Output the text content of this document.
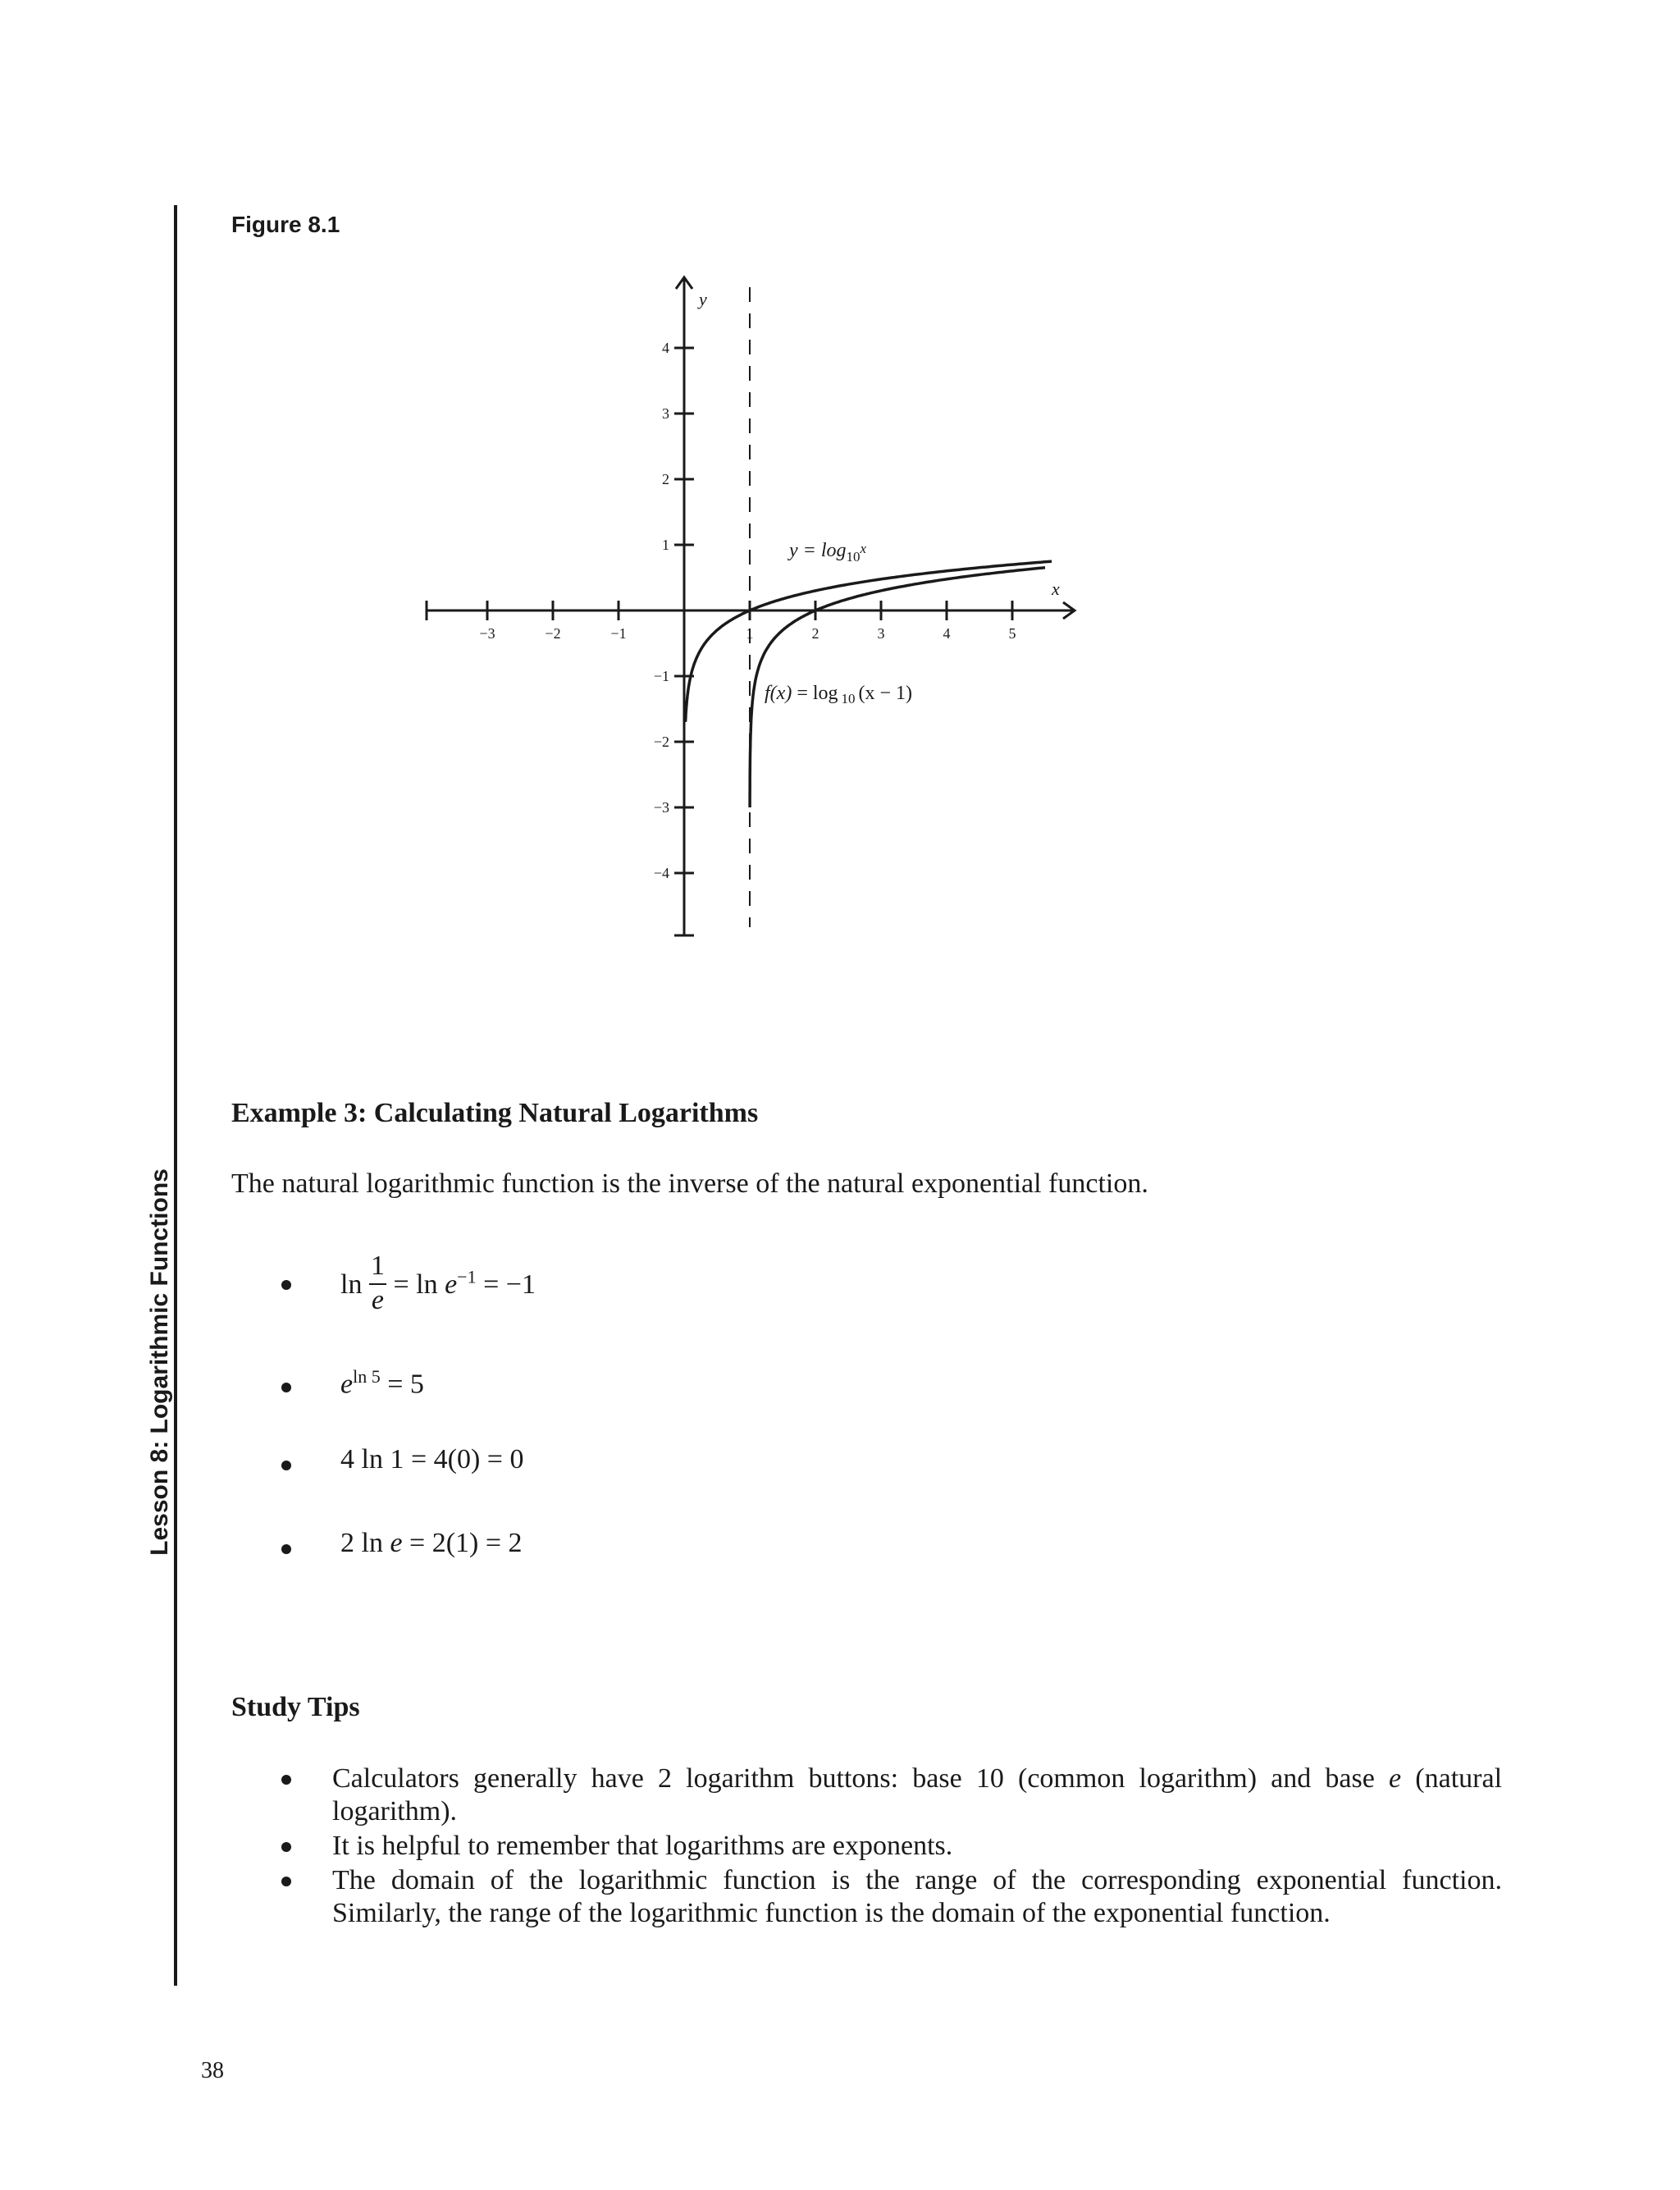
Lesson 8: Logarithmic Functions
Figure 8.1
−3	−2	−1	1	2	3	4	5
−4
−3
−2
−1
1
2
3
4
y
x
$y = \log_{10}^x$
f(x) = log $_{10}$ (x − 1)
Example 3: Calculating Natural Logarithms
The natural logarithmic function is the inverse of the natural exponential function.
$\ln \frac{1}{e} = \ln e^{-1} = -1$
$e^{ln 5} = 5$
4 ln 1 = 4(0) = 0
2 ln e = 2(1) = 2
Study Tips
Calculators generally have 2 logarithm buttons: base 10 (common logarithm) and base e (natural logarithm).
It is helpful to remember that logarithms are exponents.
The domain of the logarithmic function is the range of the corresponding exponential function. Similarly, the range of the logarithmic function is the domain of the exponential function.
38
